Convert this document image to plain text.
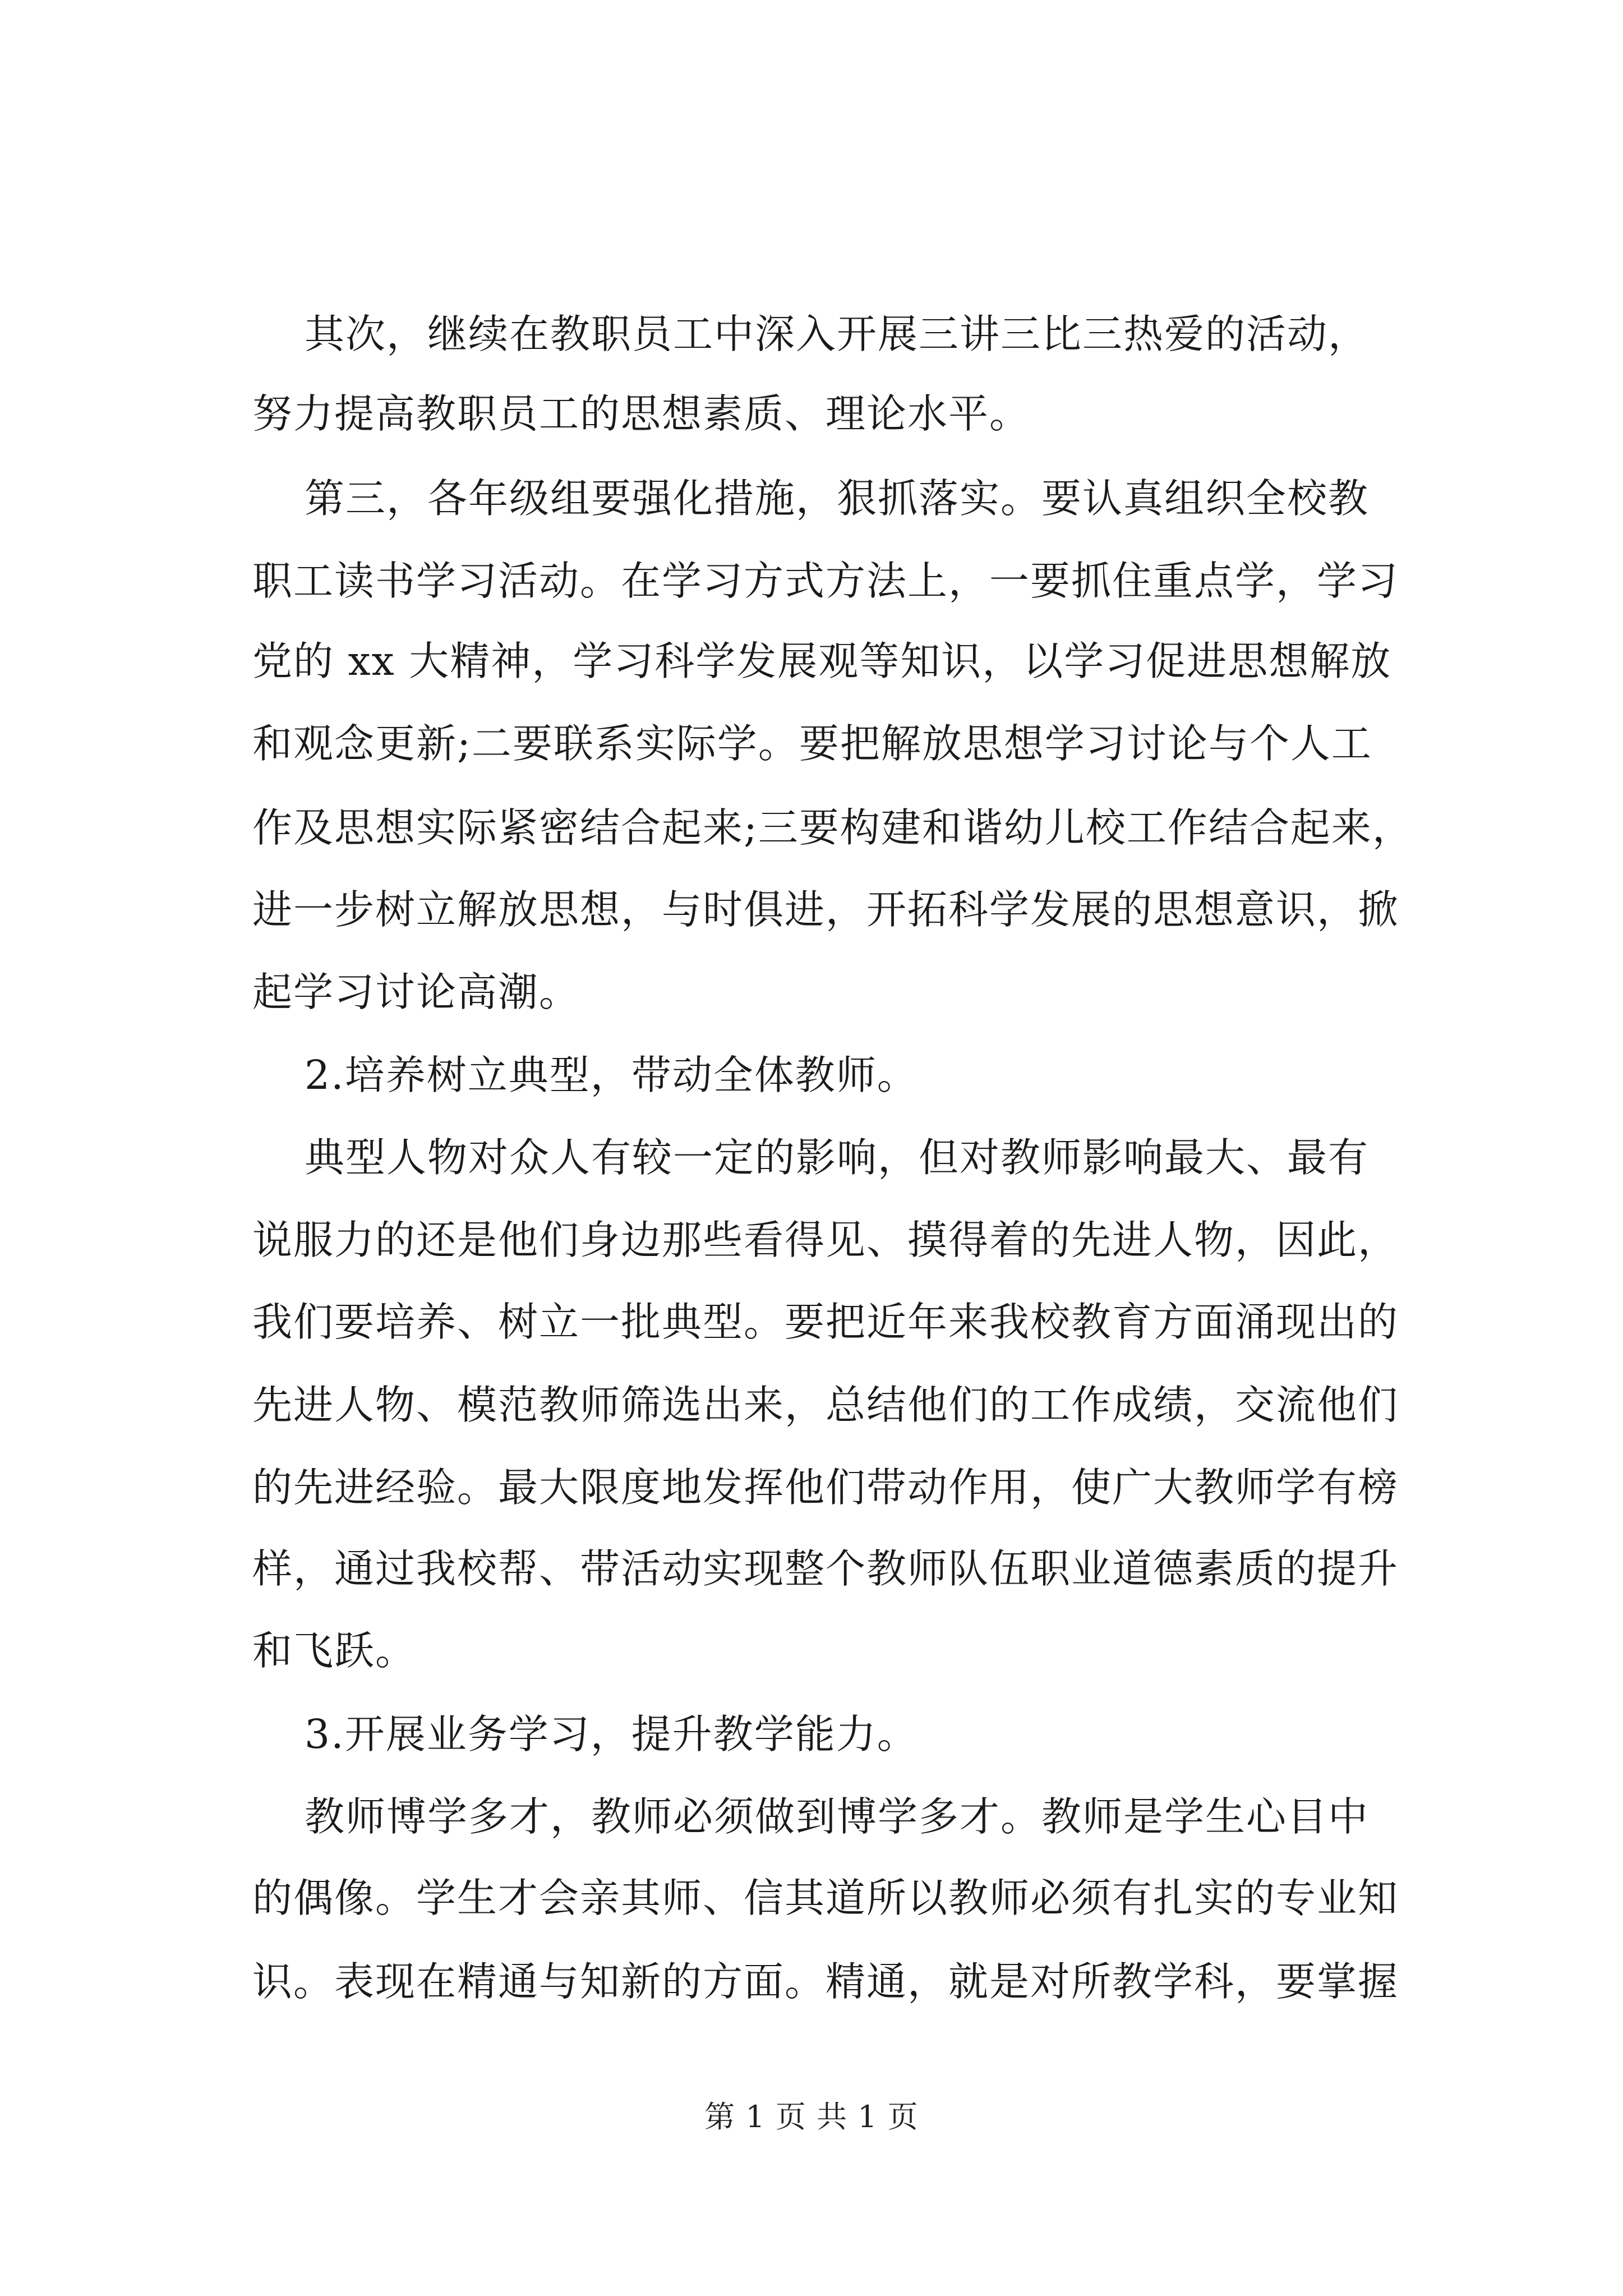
其次，继续在教职员工中深入开展三讲三比三热爱的活动，
努力提高教职员工的思想素质、理论水平。
第三，各年级组要强化措施，狠抓落实。要认真组织全校教
职工读书学习活动。在学习方式方法上，一要抓住重点学，学习
党的 xx 大精神，学习科学发展观等知识，以学习促进思想解放
和观念更新;二要联系实际学。要把解放思想学习讨论与个人工
作及思想实际紧密结合起来;三要构建和谐幼儿校工作结合起来，
进一步树立解放思想，与时俱进，开拓科学发展的思想意识，掀
起学习讨论高潮。
2.培养树立典型，带动全体教师。
典型人物对众人有较一定的影响，但对教师影响最大、最有
说服力的还是他们身边那些看得见、摸得着的先进人物，因此，
我们要培养、树立一批典型。要把近年来我校教育方面涌现出的
先进人物、模范教师筛选出来，总结他们的工作成绩，交流他们
的先进经验。最大限度地发挥他们带动作用，使广大教师学有榜
样，通过我校帮、带活动实现整个教师队伍职业道德素质的提升
和飞跃。
3.开展业务学习，提升教学能力。
教师博学多才，教师必须做到博学多才。教师是学生心目中
的偶像。学生才会亲其师、信其道所以教师必须有扎实的专业知
识。表现在精通与知新的方面。精通，就是对所教学科，要掌握
第 1 页 共 1 页
